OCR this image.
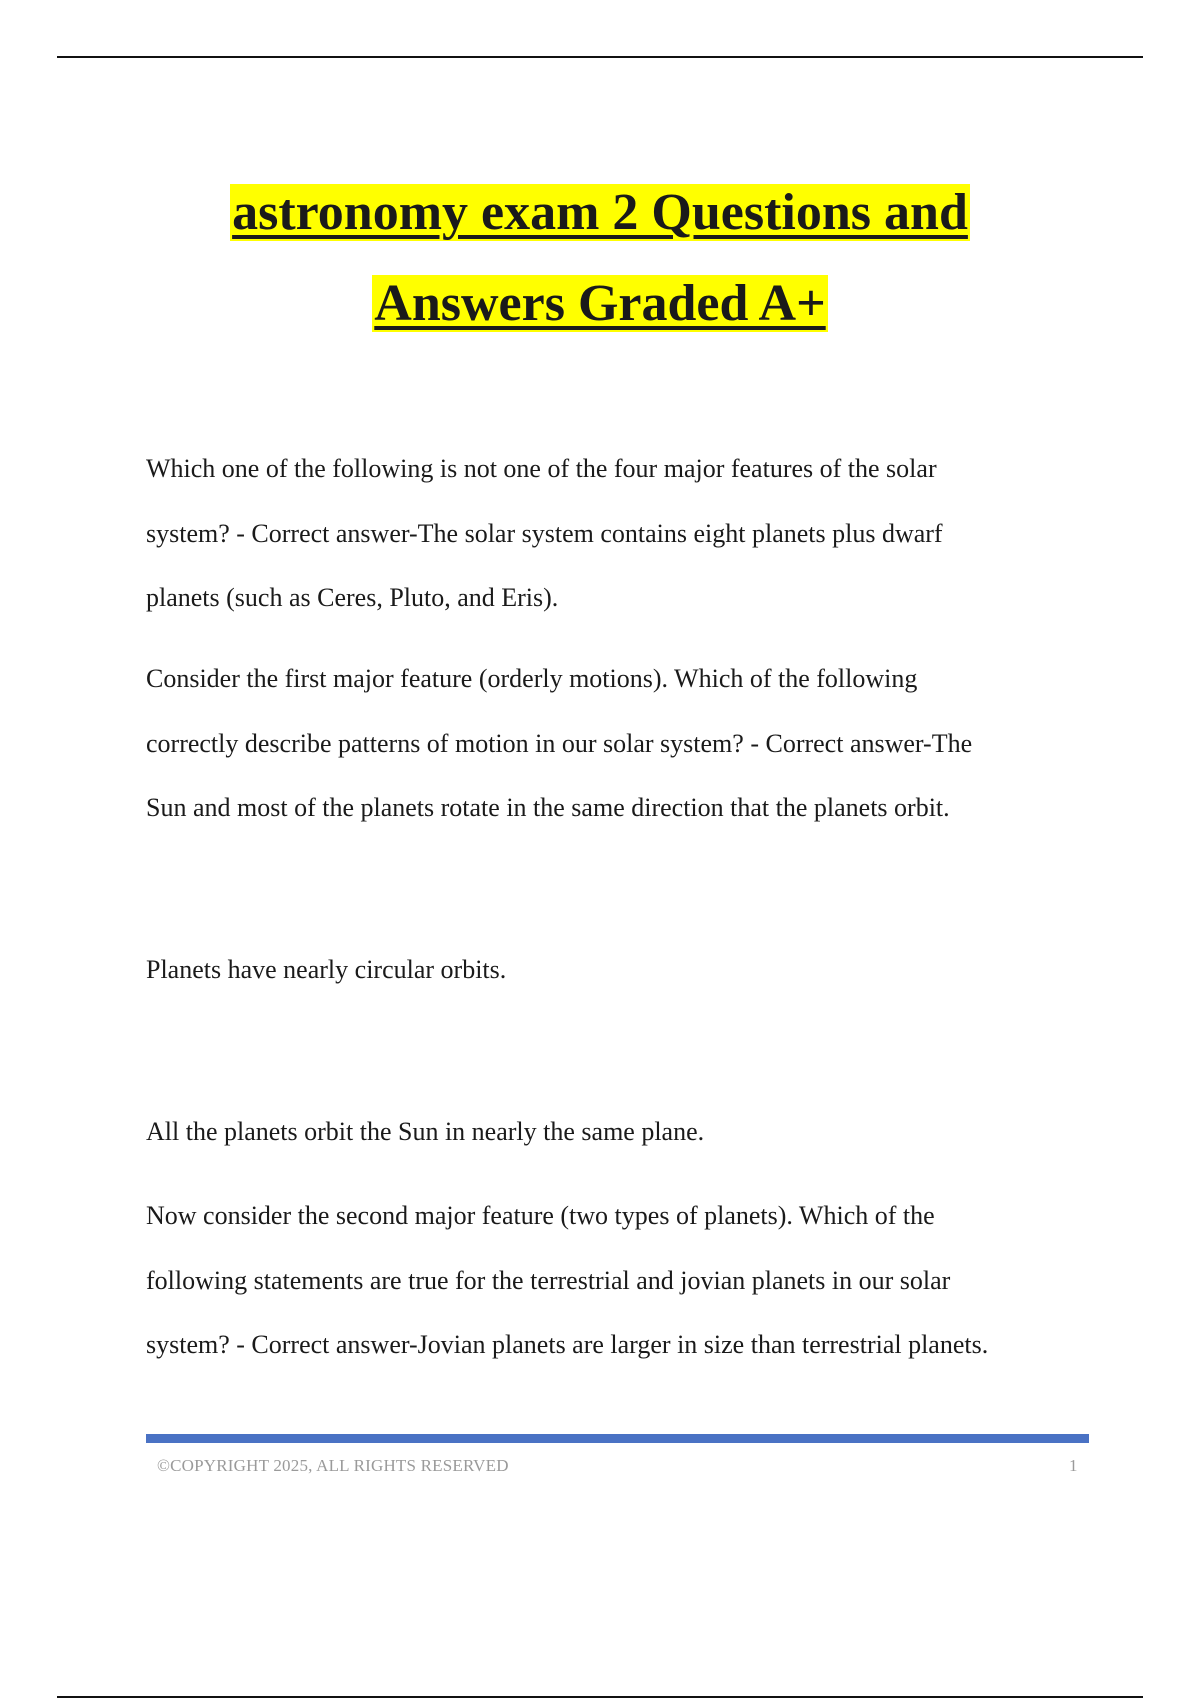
astronomy exam 2 Questions and
Answers Graded A+

Which one of the following is not one of the four major features of the solar
system? - Correct answer-The solar system contains eight planets plus dwarf
planets (such as Ceres, Pluto, and Eris).

Consider the first major feature (orderly motions). Which of the following
correctly describe patterns of motion in our solar system? - Correct answer-The
Sun and most of the planets rotate in the same direction that the planets orbit.

Planets have nearly circular orbits.

All the planets orbit the Sun in nearly the same plane.

Now consider the second major feature (two types of planets). Which of the
following statements are true for the terrestrial and jovian planets in our solar
system? - Correct answer-Jovian planets are larger in size than terrestrial planets.

©COPYRIGHT 2025, ALL RIGHTS RESERVED	1
